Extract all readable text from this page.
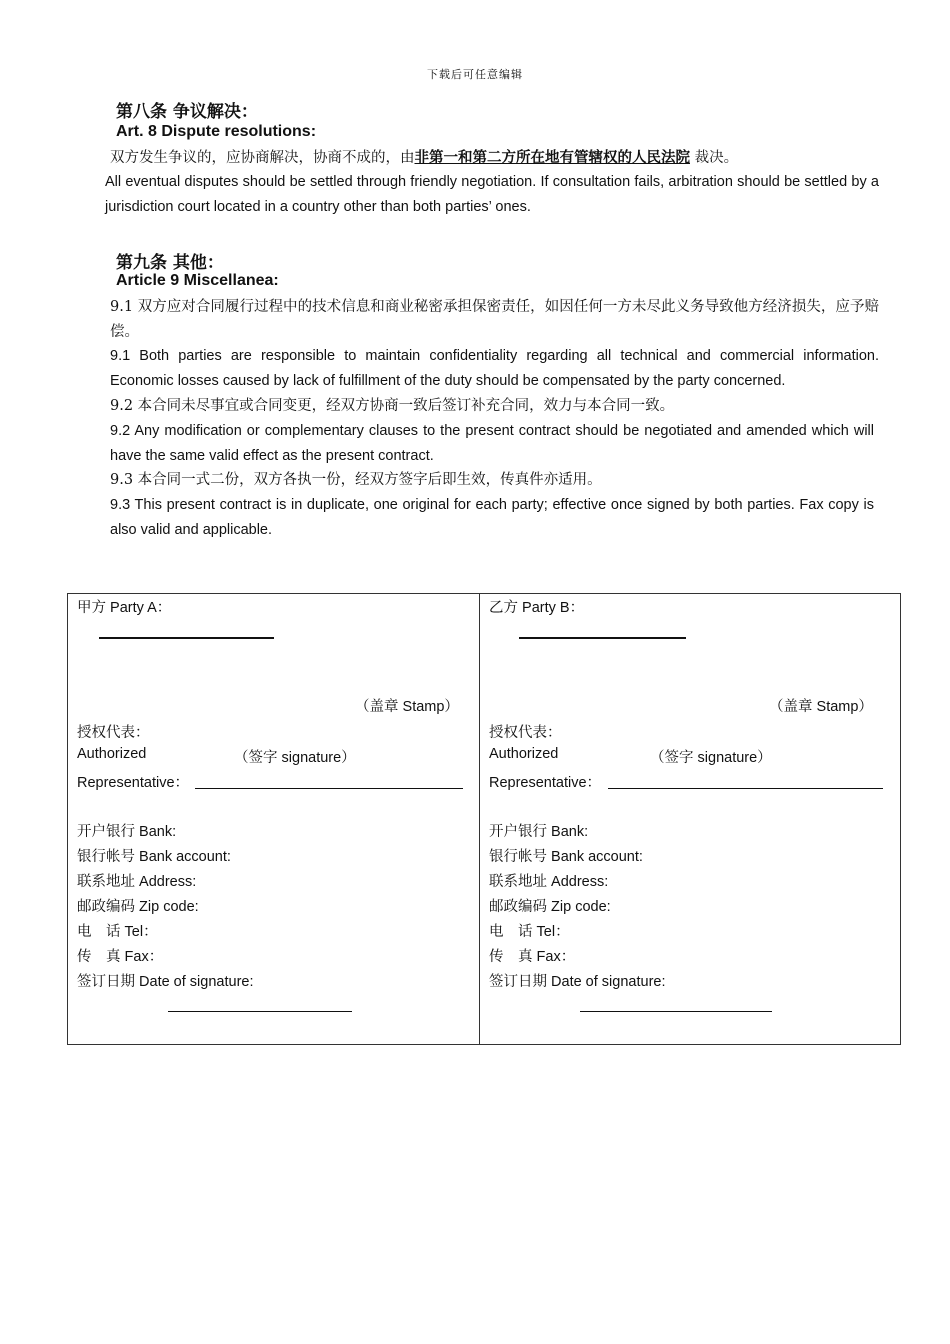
下载后可任意编辑
第八条 争议解决：
Art. 8 Dispute resolutions:
双方发生争议的，应协商解决，协商不成的，由非第一和第二方所在地有管辖权的人民法院 裁决。
All eventual disputes should be settled through friendly negotiation. If consultation fails, arbitration should be settled by a jurisdiction court located in a country other than both parties’ ones.
第九条 其他：
Article 9 Miscellanea:
9.1 双方应对合同履行过程中的技术信息和商业秘密承担保密责任，如因任何一方未尽此义务导致他方经济损失，应予赔偿。
9.1 Both parties are responsible to maintain confidentiality regarding all technical and commercial information. Economic losses caused by lack of fulfillment of the duty should be compensated by the party concerned.
9.2 本合同未尽事宜或合同变更，经双方协商一致后签订补充合同，效力与本合同一致。
9.2 Any modification or complementary clauses to the present contract should be negotiated and amended which will have the same valid effect as the present contract.
9.3 本合同一式二份，双方各执一份，经双方签字后即生效，传真件亦适用。
9.3 This present contract is in duplicate, one original for each party; effective once signed by both parties. Fax copy is also valid and applicable.
甲方 Party A：
（盖章 Stamp）
授权代表：
Authorized	（签字 signature）
Representative：
开户银行 Bank:
银行帐号 Bank account:
联系地址 Address:
邮政编码 Zip code:
电　话 Tel：
传　真 Fax：
签订日期 Date of signature:

乙方 Party B：
（盖章 Stamp）
授权代表：
Authorized	（签字 signature）
Representative：
开户银行 Bank:
银行帐号 Bank account:
联系地址 Address:
邮政编码 Zip code:
电　话 Tel：
传　真 Fax：
签订日期 Date of signature:
